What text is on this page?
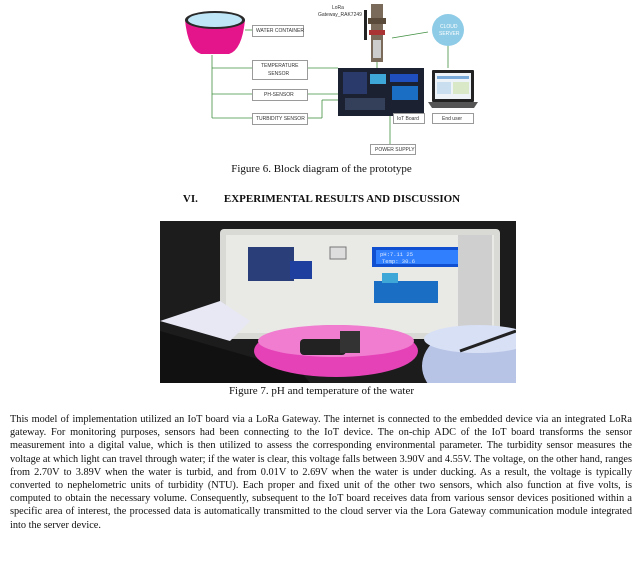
WATER CONTAINER
TEMPERATURE
SENSOR
PH-SENSOR
TURBIDITY SENSOR
LoRa
Gateway_RAK7249
CLOUD
SERVER
IoT Board	End user
POWER SUPPLY
Figure 6. Block diagram of the prototype
VI. EXPERIMENTAL RESULTS AND DISCUSSION
pH:7.11 25
Temp: 30.6
Figure 7. pH and temperature of the water
This model of implementation utilized an IoT board via a LoRa Gateway. The internet is connected to the embedded device via an integrated LoRa gateway. For monitoring purposes, sensors had been connecting to the IoT device. The on-chip ADC of the IoT board transforms the sensor measurement into a digital value, which is then utilized to assess the corresponding environmental parameter. The turbidity sensor measures the voltage at which light can travel through water; if the water is clear, this voltage falls between 3.90V and 4.55V. The voltage, on the other hand, ranges from 2.70V to 3.89V when the water is turbid, and from 0.01V to 2.69V when the water is under ducking. As a result, the voltage is typically converted to nephelometric units of turbidity (NTU). Each proper and fixed unit of the other two sensors, which also function at five volts, is computed to obtain the necessary volume. Consequently, subsequent to the IoT board receives data from various sensor devices positioned within a specific area of interest, the processed data is automatically transmitted to the cloud server via the Lora Gateway communication module integrated into the server device.
